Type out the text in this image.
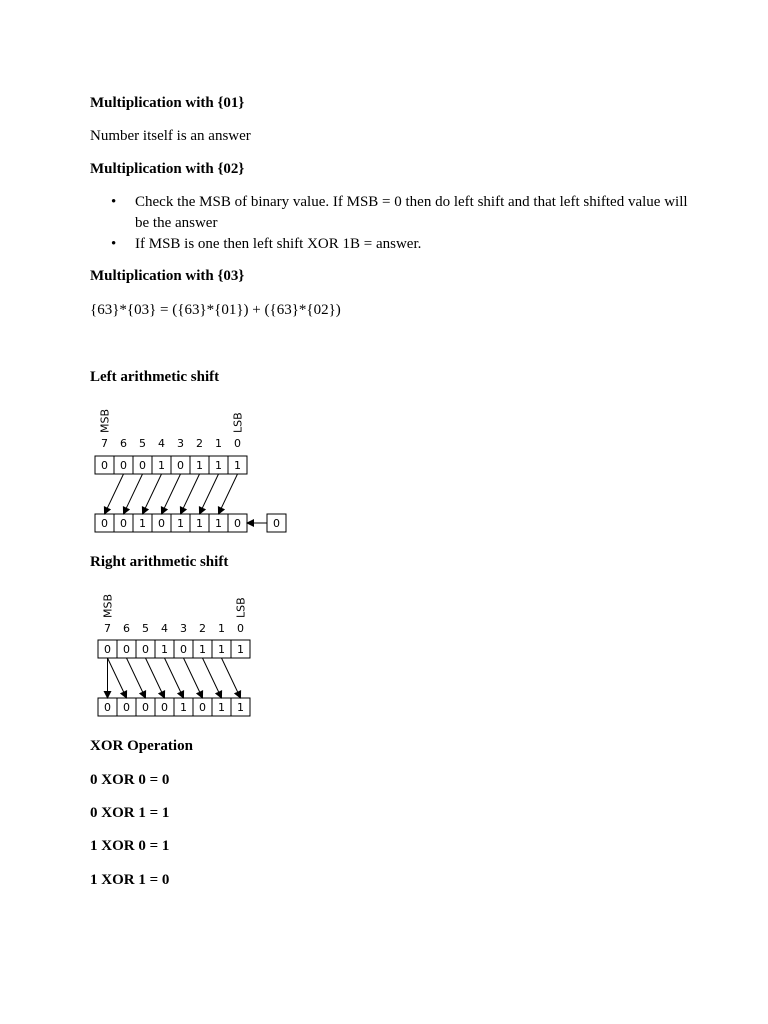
Multiplication with {01}
Number itself is an answer
Multiplication with {02}
• Check the MSB of binary value. If MSB = 0 then do left shift and that left shifted value will be the answer
• If MSB is one then left shift XOR 1B = answer.
Multiplication with {03}
{63}*{03} = ({63}*{01}) + ({63}*{02})
Left arithmetic shift
MSB	LSB
7 6 5 4 3 2 1 0
0 0 0 1 0 1 1 1
0 0 1 0 1 1 1 0	0
Right arithmetic shift
MSB	LSB
7 6 5 4 3 2 1 0
0 0 0 1 0 1 1 1
0 0 0 0 1 0 1 1
XOR Operation
0 XOR 0 = 0
0 XOR 1 = 1
1 XOR 0 = 1
1 XOR 1 = 0
